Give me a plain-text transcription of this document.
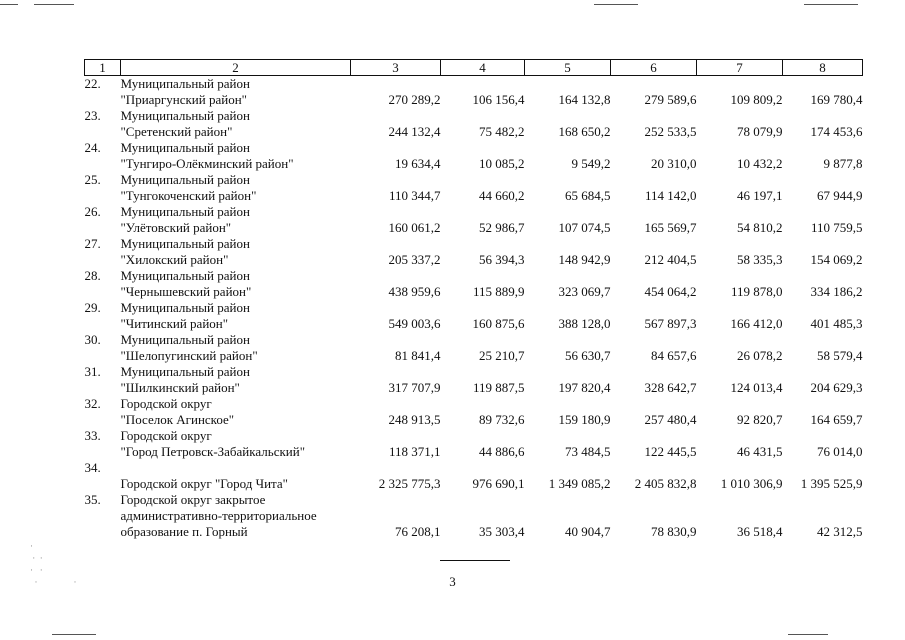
·
·  ·
·   ·
·                ·
1	2	3	4	5	6	7	8
22.	Муниципальный район
"Приаргунский район"	270 289,2	106 156,4	164 132,8	279 589,6	109 809,2	169 780,4
23.	Муниципальный район
"Сретенский район"	244 132,4	75 482,2	168 650,2	252 533,5	78 079,9	174 453,6
24.	Муниципальный район
"Тунгиро-Олёкминский район"	19 634,4	10 085,2	9 549,2	20 310,0	10 432,2	9 877,8
25.	Муниципальный район
"Тунгокоченский район"	110 344,7	44 660,2	65 684,5	114 142,0	46 197,1	67 944,9
26.	Муниципальный район
"Улётовский район"	160 061,2	52 986,7	107 074,5	165 569,7	54 810,2	110 759,5
27.	Муниципальный район
"Хилокский район"	205 337,2	56 394,3	148 942,9	212 404,5	58 335,3	154 069,2
28.	Муниципальный район
"Чернышевский район"	438 959,6	115 889,9	323 069,7	454 064,2	119 878,0	334 186,2
29.	Муниципальный район
"Читинский район"	549 003,6	160 875,6	388 128,0	567 897,3	166 412,0	401 485,3
30.	Муниципальный район
"Шелопугинский район"	81 841,4	25 210,7	56 630,7	84 657,6	26 078,2	58 579,4
31.	Муниципальный район
"Шилкинский район"	317 707,9	119 887,5	197 820,4	328 642,7	124 013,4	204 629,3
32.	Городской округ
"Поселок Агинское"	248 913,5	89 732,6	159 180,9	257 480,4	92 820,7	164 659,7
33.	Городской округ
"Город Петровск-Забайкальский"	118 371,1	44 886,6	73 484,5	122 445,5	46 431,5	76 014,0
34.	Городской округ "Город Чита"	2 325 775,3	976 690,1	1 349 085,2	2 405 832,8	1 010 306,9	1 395 525,9
35.	Городской округ закрытое
административно-территориальное
образование п. Горный	76 208,1	35 303,4	40 904,7	78 830,9	36 518,4	42 312,5
3
